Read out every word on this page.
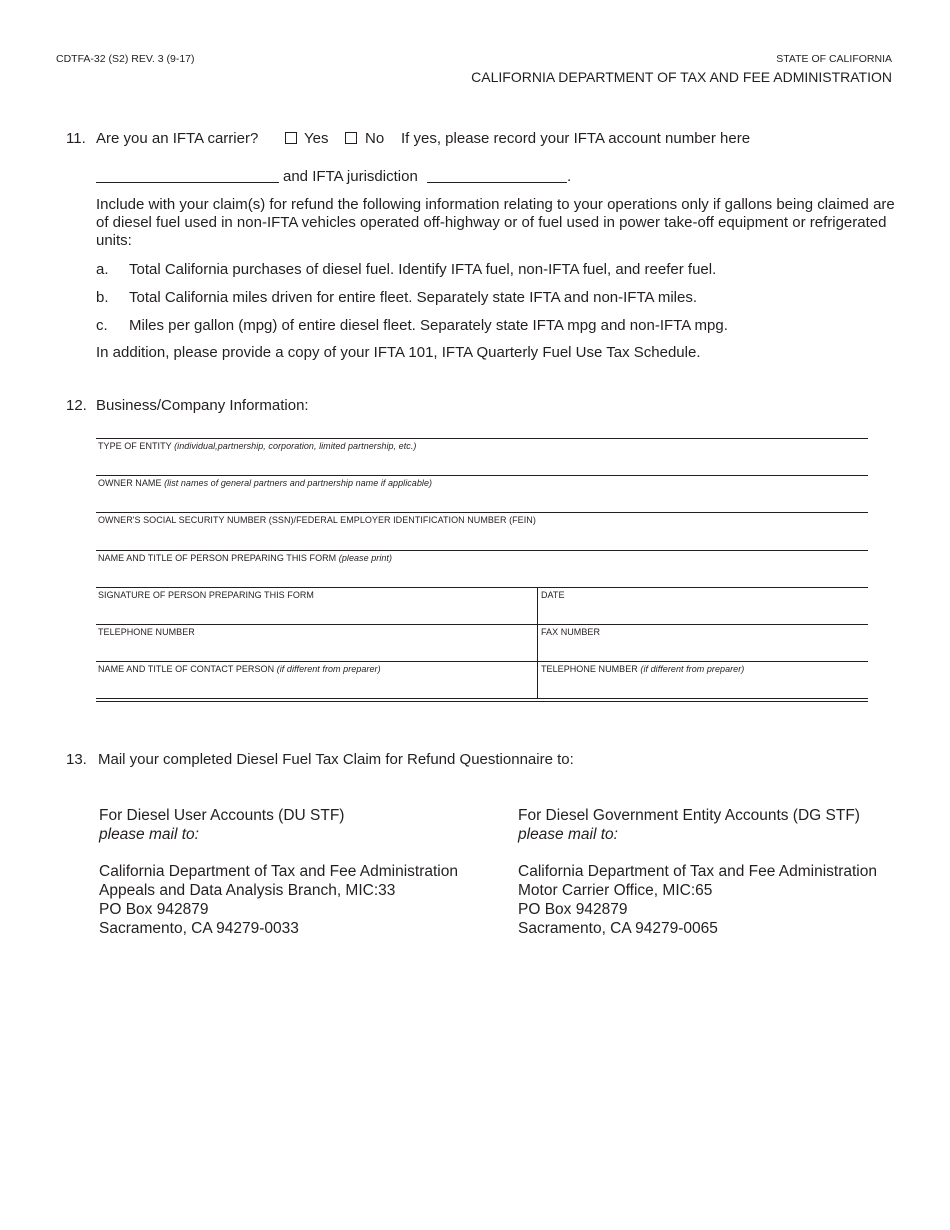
CDTFA-32 (S2) REV. 3 (9-17)	STATE OF CALIFORNIA
CALIFORNIA DEPARTMENT OF TAX AND FEE ADMINISTRATION
11. Are you an IFTA carrier?	Yes No If yes, please record your IFTA account number here
and IFTA jurisdiction	.
Include with your claim(s) for refund the following information relating to your operations only if gallons being claimed are of diesel fuel used in non-IFTA vehicles operated off-highway or of fuel used in power take-off equipment or refrigerated units:
a. Total California purchases of diesel fuel. Identify IFTA fuel, non-IFTA fuel, and reefer fuel.
b. Total California miles driven for entire fleet. Separately state IFTA and non-IFTA miles.
c. Miles per gallon (mpg) of entire diesel fleet. Separately state IFTA mpg and non-IFTA mpg.
In addition, please provide a copy of your IFTA 101, IFTA Quarterly Fuel Use Tax Schedule.
12. Business/Company Information:
TYPE OF ENTITY (individual,partnership, corporation, limited partnership, etc.)
OWNER NAME (list names of general partners and partnership name if applicable)
OWNER'S SOCIAL SECURITY NUMBER (SSN)/FEDERAL EMPLOYER IDENTIFICATION NUMBER (FEIN)
NAME AND TITLE OF PERSON PREPARING THIS FORM (please print)
SIGNATURE OF PERSON PREPARING THIS FORM	DATE
TELEPHONE NUMBER	FAX NUMBER
NAME AND TITLE OF CONTACT PERSON (if different from preparer)	TELEPHONE NUMBER (if different from preparer)
13. Mail your completed Diesel Fuel Tax Claim for Refund Questionnaire to:
For Diesel User Accounts (DU STF)
please mail to:
California Department of Tax and Fee Administration
Appeals and Data Analysis Branch, MIC:33
PO Box 942879
Sacramento, CA 94279-0033
For Diesel Government Entity Accounts (DG STF)
please mail to:
California Department of Tax and Fee Administration
Motor Carrier Office, MIC:65
PO Box 942879
Sacramento, CA 94279-0065
